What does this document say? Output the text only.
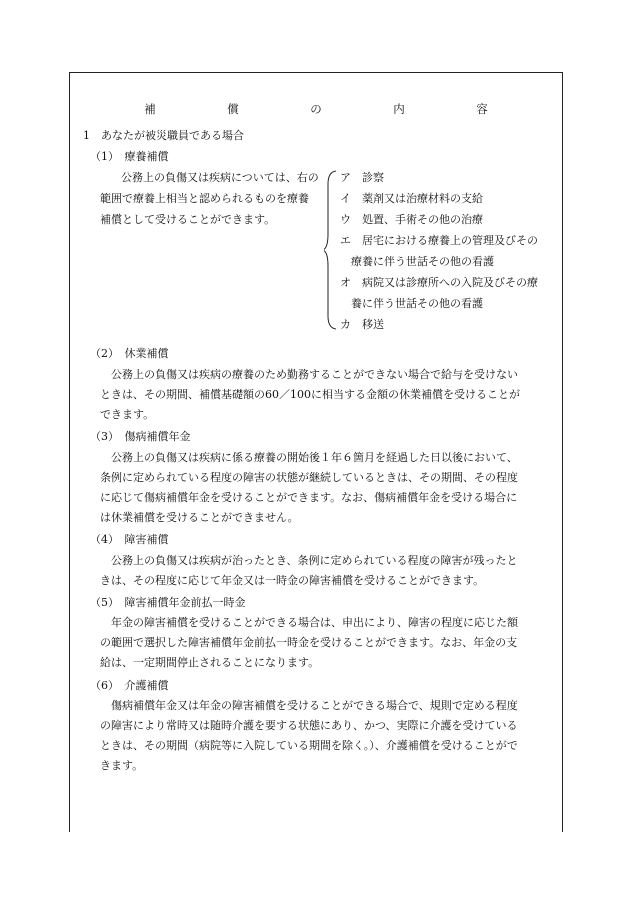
補　償　の　内　容
1　あなたが被災職員である場合
（1）　療養補償
公務上の負傷又は疾病については、右の
範囲で療養上相当と認められるものを療養
補償として受けることができます。
ア　診察
イ　薬剤又は治療材料の支給
ウ　処置、手術その他の治療
エ　居宅における療養上の管理及びその
　療養に伴う世話その他の看護
オ　病院又は診療所への入院及びその療
　養に伴う世話その他の看護
カ　移送
（2）　休業補償
　公務上の負傷又は疾病の療養のため勤務することができない場合で給与を受けない
ときは、その期間、補償基礎額の60／100に相当する金額の休業補償を受けることが
できます。
（3）　傷病補償年金
　公務上の負傷又は疾病に係る療養の開始後１年６箇月を経過した日以後において、
条例に定められている程度の障害の状態が継続しているときは、その期間、その程度
に応じて傷病補償年金を受けることができます。なお、傷病補償年金を受ける場合に
は休業補償を受けることができません。
（4）　障害補償
　公務上の負傷又は疾病が治ったとき、条例に定められている程度の障害が残ったと
きは、その程度に応じて年金又は一時金の障害補償を受けることができます。
（5）　障害補償年金前払一時金
　年金の障害補償を受けることができる場合は、申出により、障害の程度に応じた額
の範囲で選択した障害補償年金前払一時金を受けることができます。なお、年金の支
給は、一定期間停止されることになります。
（6）　介護補償
　傷病補償年金又は年金の障害補償を受けることができる場合で、規則で定める程度
の障害により常時又は随時介護を要する状態にあり、かつ、実際に介護を受けている
ときは、その期間（病院等に入院している期間を除く。）、介護補償を受けることがで
きます。
